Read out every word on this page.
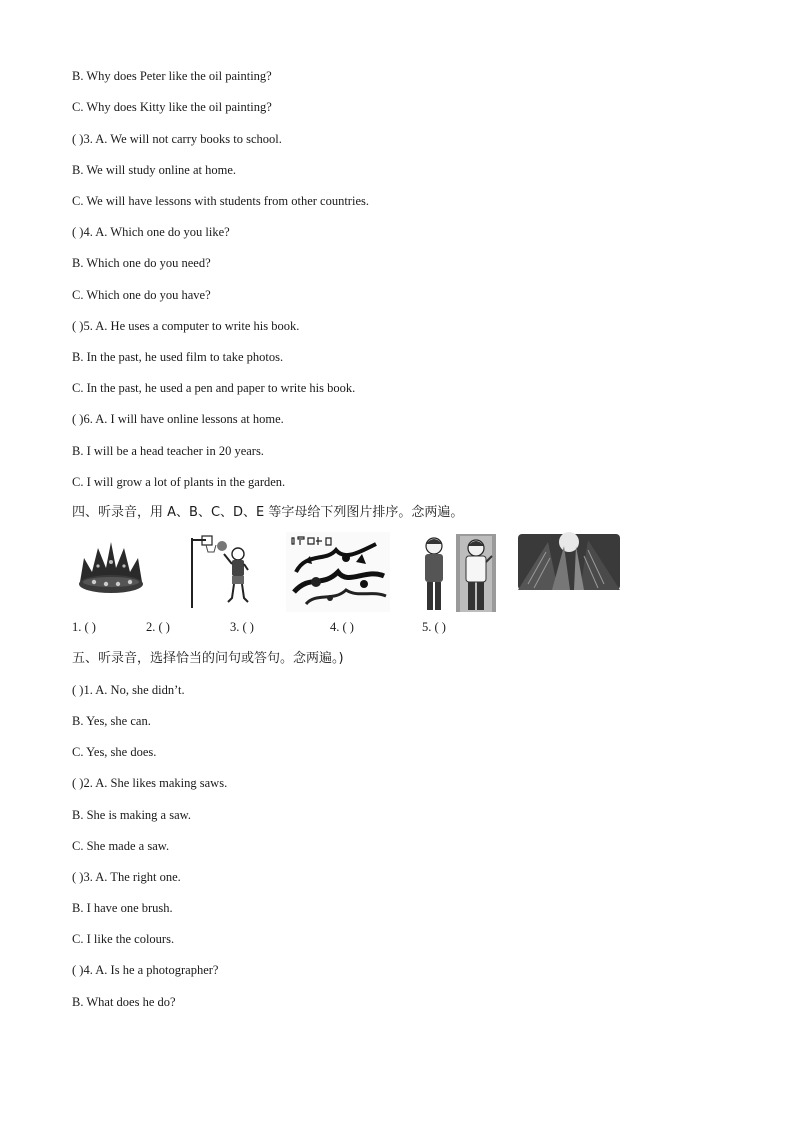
B. Why does Peter like the oil painting?
C. Why does Kitty like the oil painting?
( )3. A. We will not carry books to school.
B. We will study online at home.
C. We will have lessons with students from other countries.
( )4. A. Which one do you like?
B. Which one do you need?
C. Which one do you have?
( )5. A. He uses a computer to write his book.
B. In the past, he used film to take photos.
C. In the past, he used a pen and paper to write his book.
( )6. A. I will have online lessons at home.
B. I will be a head teacher in 20 years.
C. I will grow a lot of plants in the garden.
四、听录音，用 A、B、C、D、E 等字母给下列图片排序。念两遍。
1. ( )	2. ( )	3. ( )	4. ( )	5. ( )
五、听录音，选择恰当的问句或答句。念两遍。)
( )1. A. No, she didn’t.
B. Yes, she can.
C. Yes, she does.
( )2. A. She likes making saws.
B. She is making a saw.
C. She made a saw.
( )3. A. The right one.
B. I have one brush.
C. I like the colours.
( )4. A. Is he a photographer?
B. What does he do?
